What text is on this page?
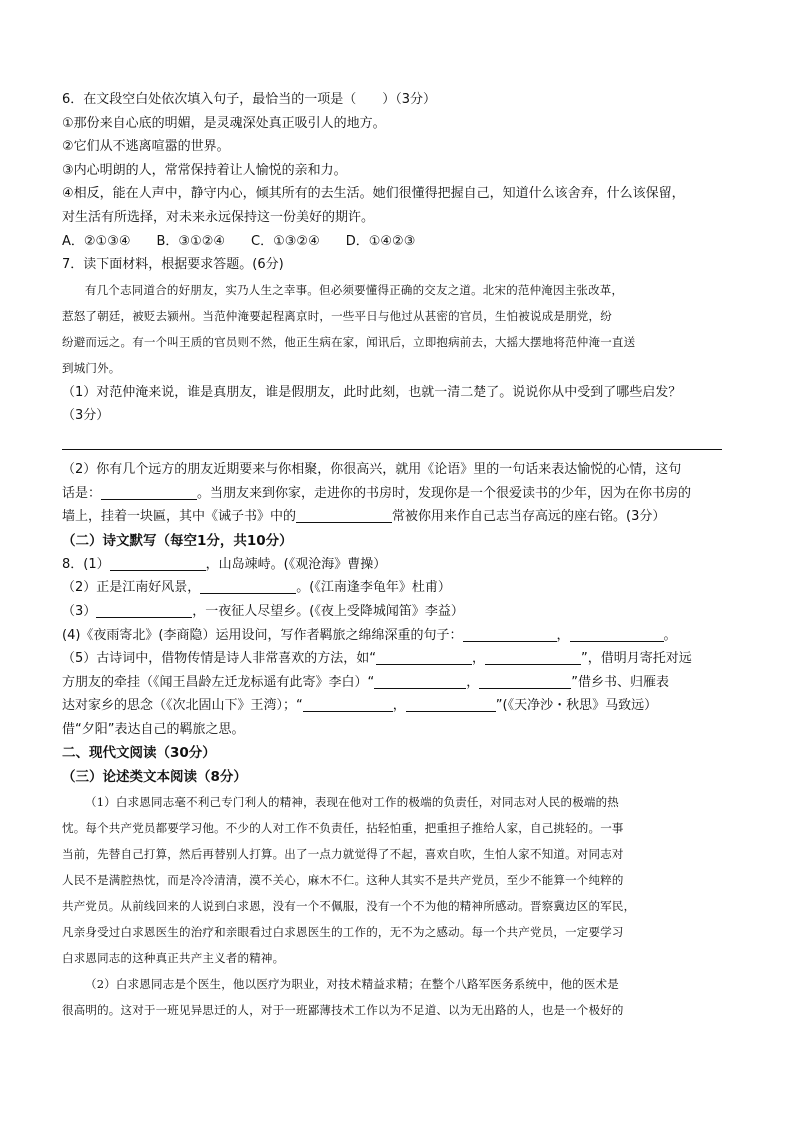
6．在文段空白处依次填入句子，最恰当的一项是（　　）（3分）
①那份来自心底的明媚，是灵魂深处真正吸引人的地方。
②它们从不逃离喧嚣的世界。
③内心明朗的人，常常保持着让人愉悦的亲和力。
④相反，能在人声中，静守内心，倾其所有的去生活。她们很懂得把握自己，知道什么该舍弃，什么该保留，
对生活有所选择，对未来永远保持这一份美好的期许。
A．②①③④　　B．③①②④　　C．①③②④　　D．①④②③
7．读下面材料，根据要求答题。(6分)
有几个志同道合的好朋友，实乃人生之幸事。但必须要懂得正确的交友之道。北宋的范仲淹因主张改革，
惹怒了朝廷，被贬去颍州。当范仲淹要起程离京时，一些平日与他过从甚密的官员，生怕被说成是朋党，纷
纷避而远之。有一个叫王质的官员则不然，他正生病在家，闻讯后，立即抱病前去，大摇大摆地将范仲淹一直送
到城门外。
（1）对范仲淹来说，谁是真朋友，谁是假朋友，此时此刻，也就一清二楚了。说说你从中受到了哪些启发？
（3分）
（2）你有几个远方的朋友近期要来与你相聚，你很高兴，就用《论语》里的一句话来表达愉悦的心情，这句
话是：	。当朋友来到你家，走进你的书房时，发现你是一个很爱读书的少年，因为在你书房的
墙上，挂着一块匾，其中《诫子书》中的	常被你用来作自己志当存高远的座右铭。(3分）
（二）诗文默写（每空1分，共10分）
8．(1）	，山岛竦峙。(《观沧海》曹操）
（2）正是江南好风景，	。(《江南逢李龟年》杜甫）
（3）	，一夜征人尽望乡。(《夜上受降城闻笛》李益）
(4)《夜雨寄北》(李商隐）运用设问，写作者羁旅之绵绵深重的句子：	，	。
（5）古诗词中，借物传情是诗人非常喜欢的方法，如“	，	”，借明月寄托对远
方朋友的牵挂（《闻王昌龄左迁龙标遥有此寄》李白）“	，	”借乡书、归雁表
达对家乡的思念（《次北固山下》王湾）；“	，	”(《天净沙・秋思》马致远）
借“夕阳”表达自己的羁旅之思。
二、现代文阅读（30分）
（三）论述类文本阅读（8分）
（1）白求恩同志毫不利己专门利人的精神，表现在他对工作的极端的负责任，对同志对人民的极端的热
忱。每个共产党员都要学习他。不少的人对工作不负责任，拈轻怕重，把重担子推给人家，自己挑轻的。一事
当前，先替自己打算，然后再替别人打算。出了一点力就觉得了不起，喜欢自吹，生怕人家不知道。对同志对
人民不是满腔热忱，而是冷冷清清，漠不关心，麻木不仁。这种人其实不是共产党员，至少不能算一个纯粹的
共产党员。从前线回来的人说到白求恩，没有一个不佩服，没有一个不为他的精神所感动。晋察冀边区的军民，
凡亲身受过白求恩医生的治疗和亲眼看过白求恩医生的工作的，无不为之感动。每一个共产党员，一定要学习
白求恩同志的这种真正共产主义者的精神。
（2）白求恩同志是个医生，他以医疗为职业，对技术精益求精；在整个八路军医务系统中，他的医术是
很高明的。这对于一班见异思迁的人，对于一班鄙薄技术工作以为不足道、以为无出路的人，也是一个极好的
